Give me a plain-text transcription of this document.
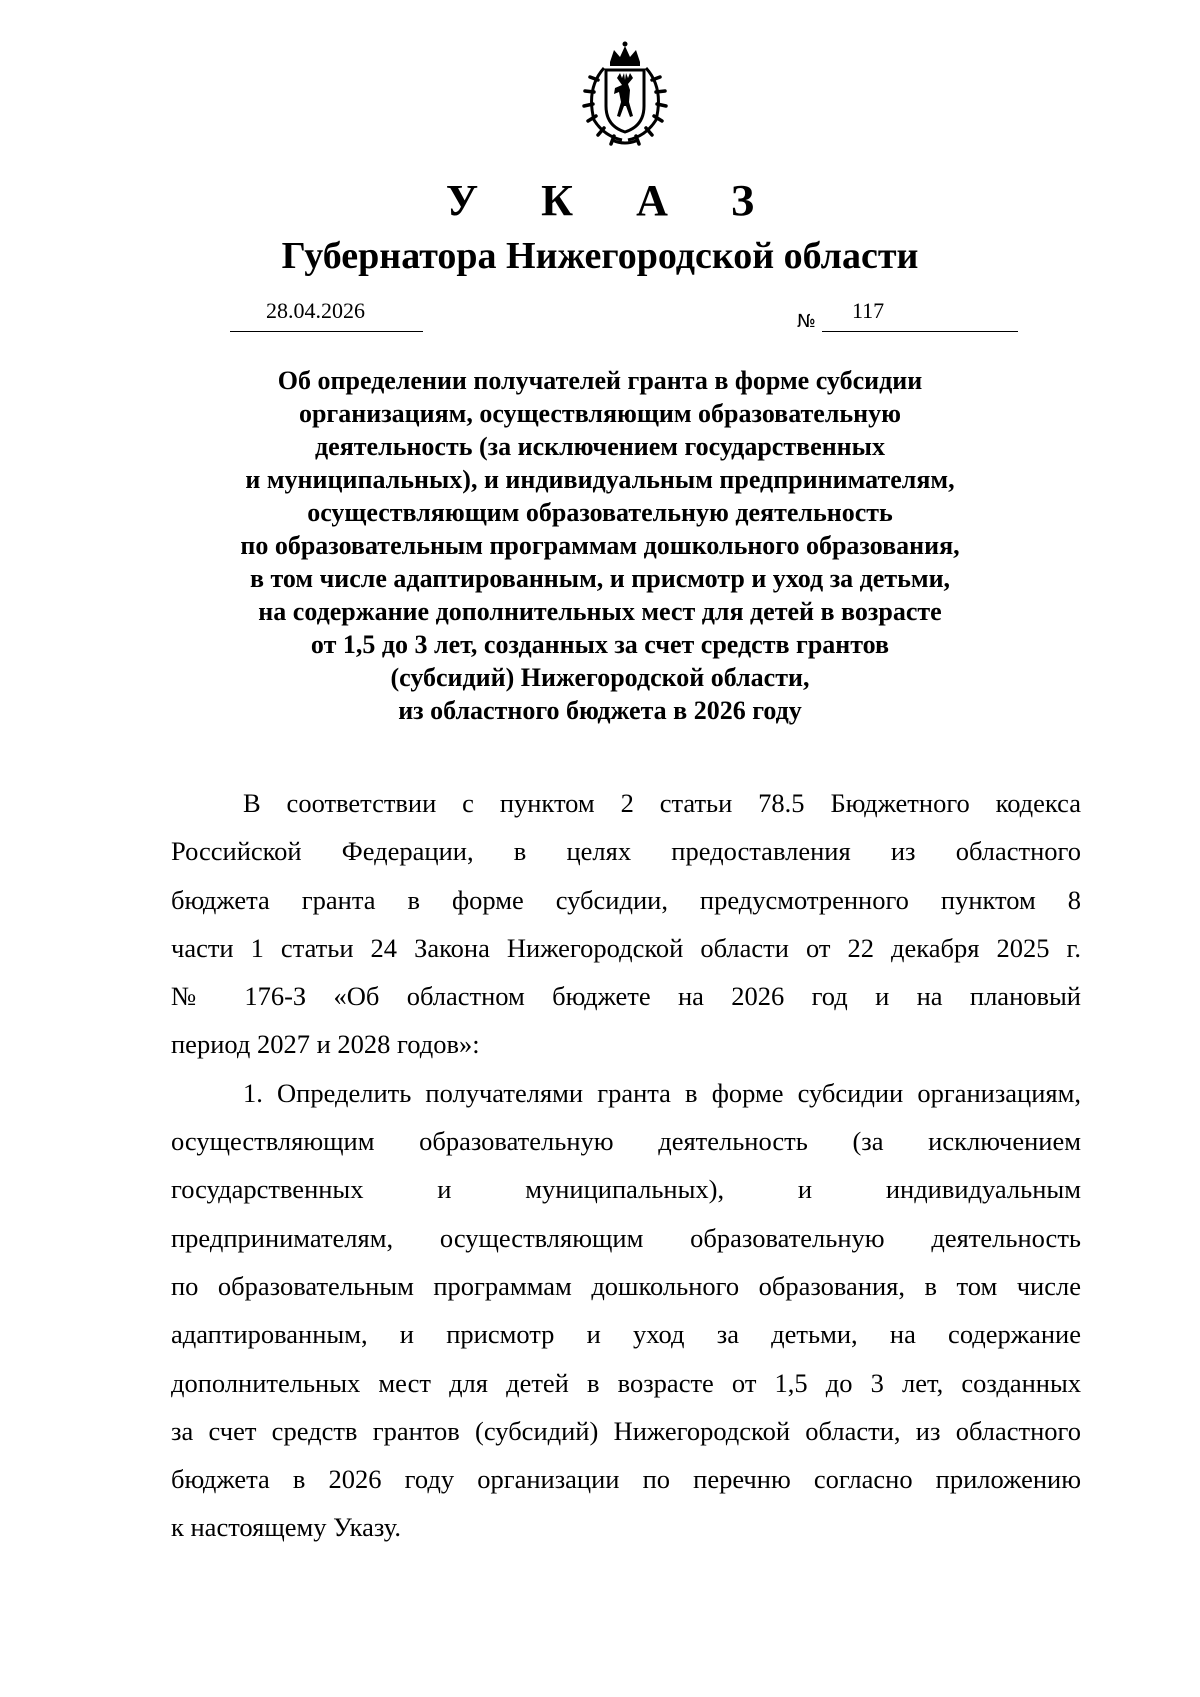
У К А З
Губернатора Нижегородской области
28.04.2026	№ 117
Об определении получателей гранта в форме субсидии
организациям, осуществляющим образовательную
деятельность (за исключением государственных
и муниципальных), и индивидуальным предпринимателям,
осуществляющим образовательную деятельность
по образовательным программам дошкольного образования,
в том числе адаптированным, и присмотр и уход за детьми,
на содержание дополнительных мест для детей в возрасте
от 1,5 до 3 лет, созданных за счет средств грантов
(субсидий) Нижегородской области,
из областного бюджета в 2026 году
В соответствии с пунктом 2 статьи 78.5 Бюджетного кодекса
Российской Федерации, в целях предоставления из областного
бюджета гранта в форме субсидии, предусмотренного пунктом 8
части 1 статьи 24 Закона Нижегородской области от 22 декабря 2025 г.
№ 176-З «Об областном бюджете на 2026 год и на плановый
период 2027 и 2028 годов»:
1. Определить получателями гранта в форме субсидии организациям,
осуществляющим образовательную деятельность (за исключением
государственных и муниципальных), и индивидуальным
предпринимателям, осуществляющим образовательную деятельность
по образовательным программам дошкольного образования, в том числе
адаптированным, и присмотр и уход за детьми, на содержание
дополнительных мест для детей в возрасте от 1,5 до 3 лет, созданных
за счет средств грантов (субсидий) Нижегородской области, из областного
бюджета в 2026 году организации по перечню согласно приложению
к настоящему Указу.
